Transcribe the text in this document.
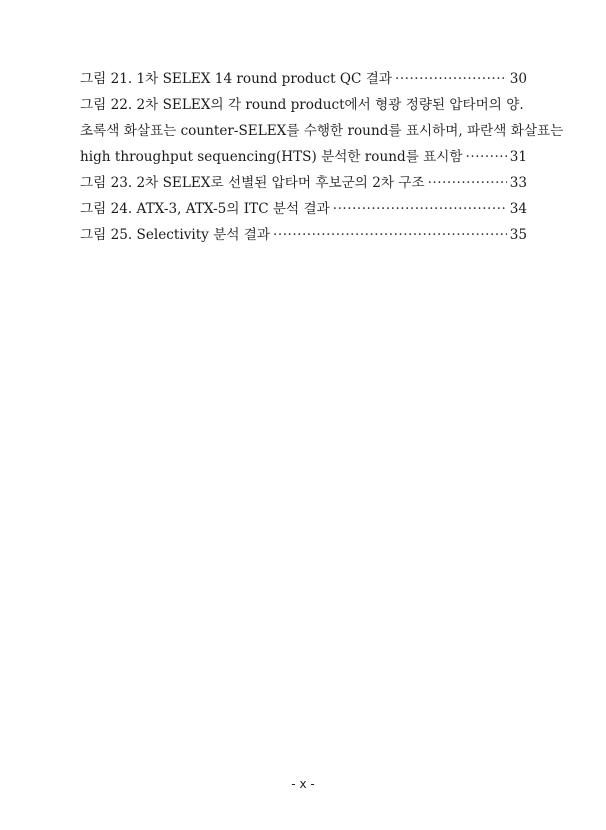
그림 21. 1차 SELEX 14 round product QC 결과 ·····	30
그림 22. 2차 SELEX의 각 round product에서 형광 정량된 압타머의 양.
초록색 화살표는 counter-SELEX를 수행한 round를 표시하며, 파란색 화살표는
high throughput sequencing(HTS) 분석한 round를 표시함 ·····	31
그림 23. 2차 SELEX로 선별된 압타머 후보군의 2차 구조 ·····	33
그림 24. ATX-3, ATX-5의 ITC 분석 결과 ·····	34
그림 25. Selectivity 분석 결과 ·····	35
- x -
